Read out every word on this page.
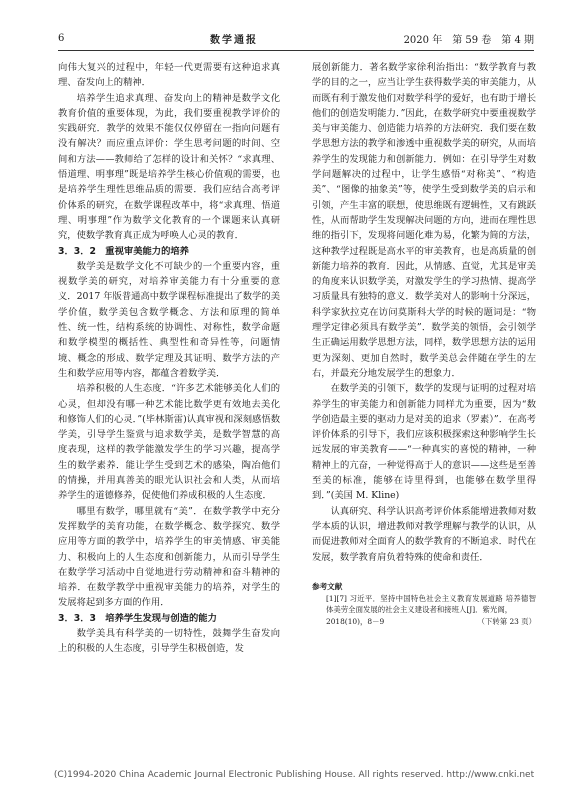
6	数学通报	2020 年　第 59 卷　第 4 期

向伟大复兴的过程中，年轻一代更需要有这种追求真理、奋发向上的精神．

培养学生追求真理、奋发向上的精神是数学文化教育价值的重要体现，为此，我们要重视教学评价的实践研究．教学的效果不能仅仅停留在一指向问题有没有解决？而应重点评价：学生思考问题的时间、空间和方法——教师给了怎样的设计和关怀？“求真理、悟道理、明事理”既是培养学生核心价值观的需要，也是培养学生理性思维品质的需要．我们应结合高考评价体系的研究，在数学课程改革中，将“求真理、悟道理、明事理”作为数学文化教育的一个课题来认真研究，使数学教育真正成为呼唤人心灵的教育．

3．3．2　重视审美能力的培养

数学美是数学文化不可缺少的一个重要内容，重视数学美的研究，对培养审美能力有十分重要的意义．2017 年版普通高中数学课程标准提出了数学的美学价值，数学美包含数学概念、方法和原理的简单性、统一性，结构系统的协调性、对称性，数学命题和数学模型的概括性、典型性和奇异性等，问题情境、概念的形成、数学定理及其证明、数学方法的产生和数学应用等内容，都蕴含着数学美．

培养积极的人生态度．“许多艺术能够美化人们的心灵，但却没有哪一种艺术能比数学更有效地去美化和修饰人们的心灵．”(毕林斯雷)认真审视和深刻感悟数学美，引导学生鉴赏与追求数学美，是数学智慧的高度表现，这样的教学能激发学生的学习兴趣，提高学生的数学素养．能让学生受到艺术的感染，陶冶他们的情操，并用真善美的眼光认识社会和人类，从而培养学生的道德修养，促使他们养成积极的人生态度．

哪里有数学，哪里就有“美”．在数学教学中充分发挥数学的美育功能，在数学概念、数学探究、数学应用等方面的教学中，培养学生的审美情感、审美能力、积极向上的人生态度和创新能力，从而引导学生在数学学习活动中自觉地进行劳动精神和奋斗精神的培养．在数学教学中重视审美能力的培养，对学生的发展将起到多方面的作用．

3．3．3　培养学生发现与创造的能力

数学美具有科学美的一切特性，鼓舞学生奋发向上的积极的人生态度，引导学生积极创造，发

展创新能力．著名数学家徐利治指出：“数学教育与教学的目的之一，应当让学生获得数学美的审美能力，从而既有利于激发他们对数学科学的爱好，也有助于增长他们的创造发明能力．”因此，在数学研究中要重视数学美与审美能力、创造能力培养的方法研究．我们要在数学思想方法的教学和渗透中重视数学美的研究，从而培养学生的发现能力和创新能力．例如：在引导学生对数学问题解决的过程中，让学生感悟“对称美”、“构造美”、“图像的抽象美”等，使学生受到数学美的启示和引领，产生丰富的联想，使思维既有逻辑性，又有跳跃性，从而帮助学生发现解决问题的方向，进而在理性思维的指引下，发现将问题化难为易，化繁为简的方法，这种教学过程既是高水平的审美教育，也是高质量的创新能力培养的教育．因此，从情感、直觉，尤其是审美的角度来认识数学美，对激发学生的学习热情、提高学习质量具有独特的意义．数学美对人的影响十分深远，科学家狄拉克在访问莫斯科大学的时候的题词是：“物理学定律必须具有数学美”．数学美的领悟，会引领学生正确运用数学思想方法，同样，数学思想方法的运用更为深刻、更加自然时，数学美总会伴随在学生的左右，并最充分地发展学生的想象力．

在数学美的引领下，数学的发现与证明的过程对培养学生的审美能力和创新能力同样尤为重要，因为“数学创造最主要的驱动力是对美的追求（罗素）”．在高考评价体系的引导下，我们应该积极探索这种影响学生长远发展的审美教育——“一种真实的喜悦的精神，一种精神上的亢奋，一种觉得高于人的意识——这些是至善至美的标准，能够在诗里得到，也能够在数学里得到．”(美国 M. Kline)

认真研究、科学认识高考评价体系能增进教师对数学本质的认识，增进教师对教学理解与教学的认识，从而促进教师对全面育人的数学教育的不断追求．时代在发展，数学教育肩负着特殊的使命和责任．

参考文献

[1][7] 习近平．坚持中国特色社会主义教育发展道路 培养德智体美劳全面发展的社会主义建设者和接班人[J]．紫光阁，
2018(10)，8－9	（下转第 23 页）

(C)1994-2020 China Academic Journal Electronic Publishing House. All rights reserved. http://www.cnki.net
